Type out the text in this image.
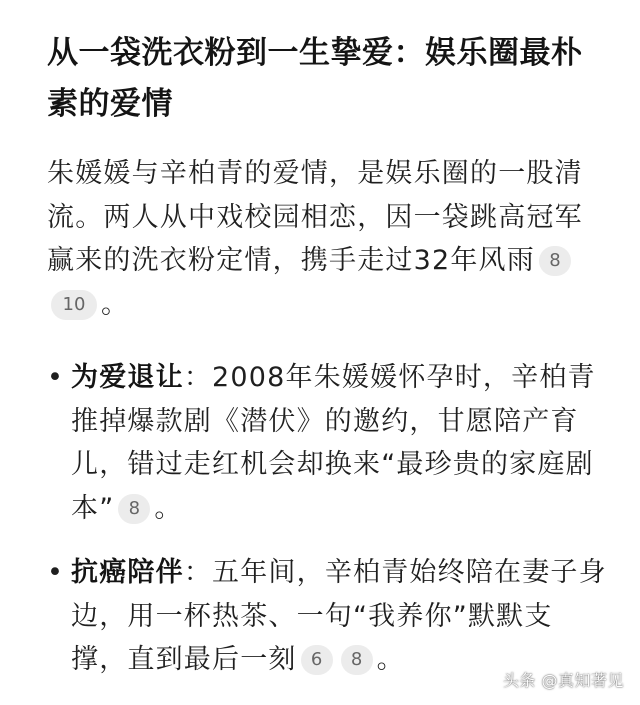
从一袋洗衣粉到一生挚爱：娱乐圈最朴素的爱情

朱媛媛与辛柏青的爱情，是娱乐圈的一股清流。两人从中戏校园相恋，因一袋跳高冠军赢来的洗衣粉定情，携手走过32年风雨 810 。

• 为爱退让：2008年朱媛媛怀孕时，辛柏青推掉爆款剧《潜伏》的邀约，甘愿陪产育儿，错过走红机会却换来“最珍贵的家庭剧本” 8 。
• 抗癌陪伴：五年间，辛柏青始终陪在妻子身边，用一杯热茶、一句“我养你”默默支撑，直到最后一刻 6 8 。
头条 @真知著见
